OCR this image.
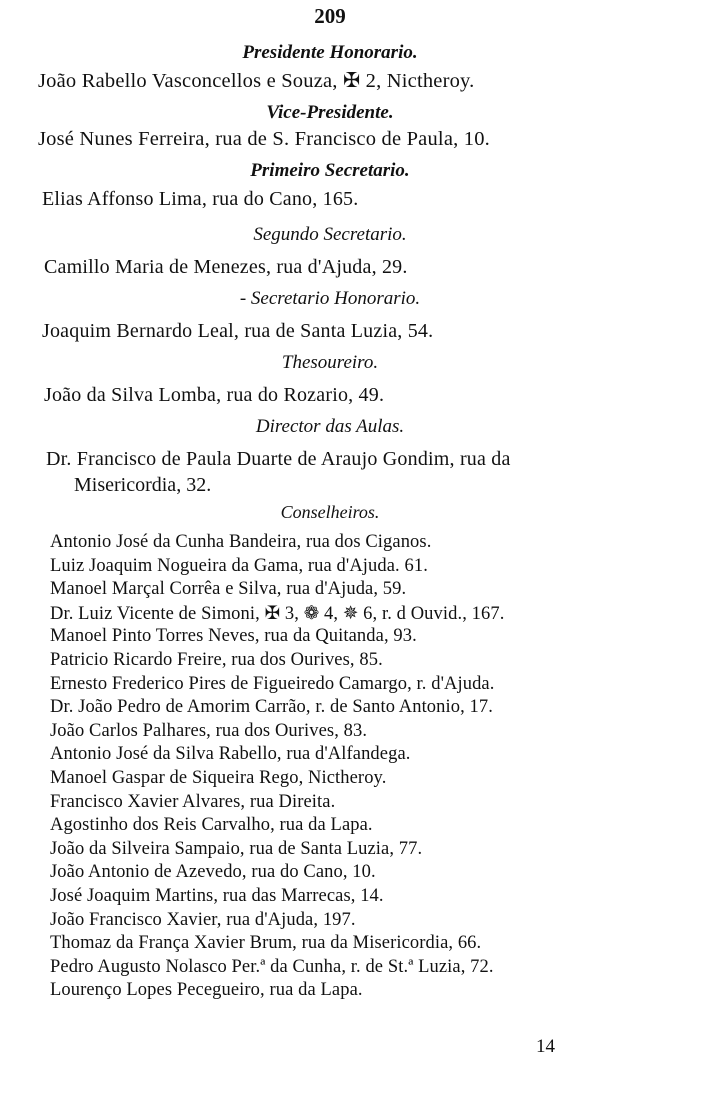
209
Presidente Honorario.
João Rabello Vasconcellos e Souza, ✠ 2, Nictheroy.
Vice-Presidente.
José Nunes Ferreira, rua de S. Francisco de Paula, 10.
Primeiro Secretario.
Elias Affonso Lima, rua do Cano, 165.
Segundo Secretario.
Camillo Maria de Menezes, rua d'Ajuda, 29.
- Secretario Honorario.
Joaquim Bernardo Leal, rua de Santa Luzia, 54.
Thesoureiro.
João da Silva Lomba, rua do Rozario, 49.
Director das Aulas.
Dr. Francisco de Paula Duarte de Araujo Gondim, rua da
Misericordia, 32.
Conselheiros.
Antonio José da Cunha Bandeira, rua dos Ciganos.
Luiz Joaquim Nogueira da Gama, rua d'Ajuda. 61.
Manoel Marçal Corrêa e Silva, rua d'Ajuda, 59.
Dr. Luiz Vicente de Simoni, ✠ 3, ❁ 4, ✵ 6, r. d Ouvid., 167.
Manoel Pinto Torres Neves, rua da Quitanda, 93.
Patricio Ricardo Freire, rua dos Ourives, 85.
Ernesto Frederico Pires de Figueiredo Camargo, r. d'Ajuda.
Dr. João Pedro de Amorim Carrão, r. de Santo Antonio, 17.
João Carlos Palhares, rua dos Ourives, 83.
Antonio José da Silva Rabello, rua d'Alfandega.
Manoel Gaspar de Siqueira Rego, Nictheroy.
Francisco Xavier Alvares, rua Direita.
Agostinho dos Reis Carvalho, rua da Lapa.
João da Silveira Sampaio, rua de Santa Luzia, 77.
João Antonio de Azevedo, rua do Cano, 10.
José Joaquim Martins, rua das Marrecas, 14.
João Francisco Xavier, rua d'Ajuda, 197.
Thomaz da França Xavier Brum, rua da Misericordia, 66.
Pedro Augusto Nolasco Per.ª da Cunha, r. de St.ª Luzia, 72.
Lourenço Lopes Pecegueiro, rua da Lapa.
14
